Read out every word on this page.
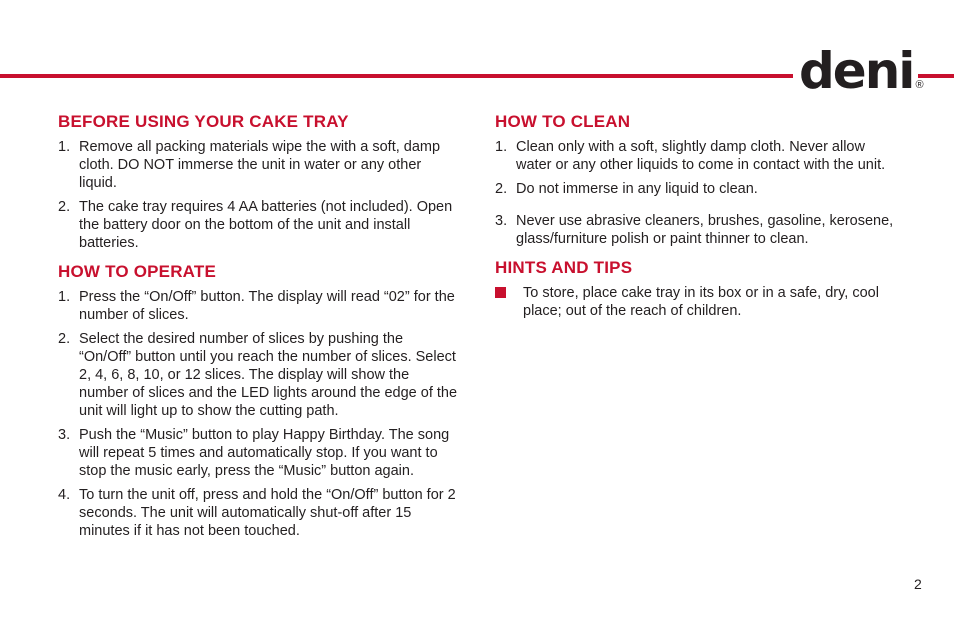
deni ®
BEFORE USING YOUR CAKE TRAY
1. Remove all packing materials wipe the with a soft, damp cloth. DO NOT immerse the unit in water or any other liquid.
2. The cake tray requires 4 AA batteries (not included). Open the battery door on the bottom of the unit and install batteries.
HOW TO OPERATE
1. Press the “On/Off” button. The display will read “02” for the number of slices.
2. Select the desired number of slices by pushing the “On/Off” button until you reach the number of slices. Select 2, 4, 6, 8, 10, or 12 slices. The display will show the number of slices and the LED lights around the edge of the unit will light up to show the cutting path.
3. Push the “Music” button to play Happy Birthday. The song will repeat 5 times and automatically stop. If you want to stop the music early, press the “Music” button again.
4. To turn the unit off, press and hold the “On/Off” button for 2 seconds. The unit will automatically shut-off after 15 minutes if it has not been touched.
HOW TO CLEAN
1. Clean only with a soft, slightly damp cloth. Never allow water or any other liquids to come in contact with the unit.
2. Do not immerse in any liquid to clean.
3. Never use abrasive cleaners, brushes, gasoline, kerosene, glass/furniture polish or paint thinner to clean.
HINTS AND TIPS
To store, place cake tray in its box or in a safe, dry, cool place; out of the reach of children.
2
